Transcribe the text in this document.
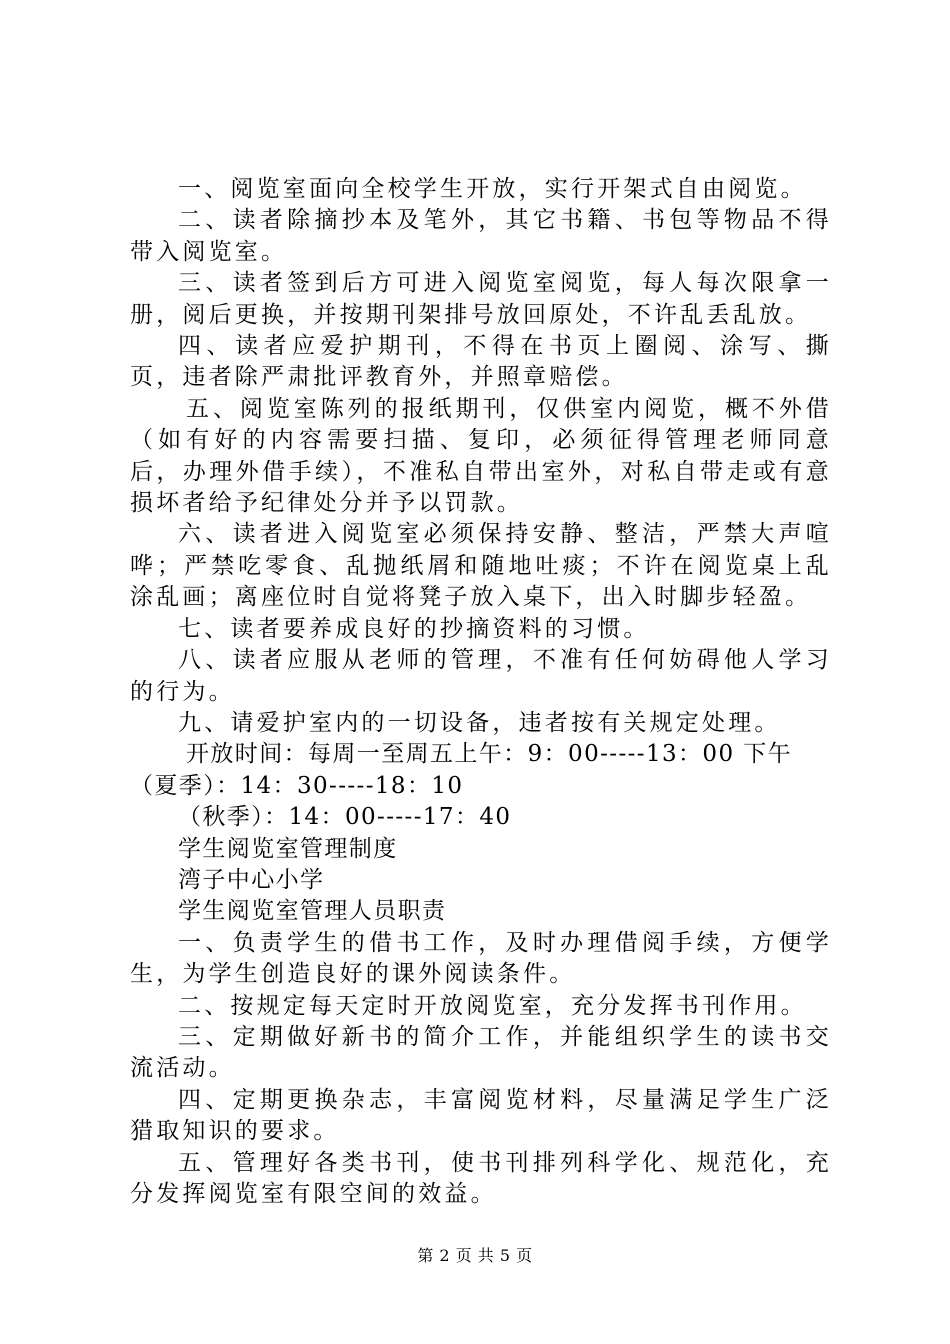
一、阅览室面向全校学生开放，实行开架式自由阅览。

二、读者除摘抄本及笔外，其它书籍、书包等物品不得带入阅览室。

三、读者签到后方可进入阅览室阅览，每人每次限拿一册，阅后更换，并按期刊架排号放回原处，不许乱丢乱放。

四、读者应爱护期刊，不得在书页上圈阅、涂写、撕页，违者除严肃批评教育外，并照章赔偿。

五、阅览室陈列的报纸期刊，仅供室内阅览，概不外借（如有好的内容需要扫描、复印，必须征得管理老师同意后，办理外借手续），不准私自带出室外，对私自带走或有意损坏者给予纪律处分并予以罚款。

六、读者进入阅览室必须保持安静、整洁，严禁大声喧哗；严禁吃零食、乱抛纸屑和随地吐痰；不许在阅览桌上乱涂乱画；离座位时自觉将凳子放入桌下，出入时脚步轻盈。

七、读者要养成良好的抄摘资料的习惯。

八、读者应服从老师的管理，不准有任何妨碍他人学习的行为。

九、请爱护室内的一切设备，违者按有关规定处理。

开放时间：每周一至周五上午：9：00-----13：00 下午

（夏季）：14：30-----18：10

（秋季）：14：00-----17：40

学生阅览室管理制度

湾子中心小学

学生阅览室管理人员职责

一、负责学生的借书工作，及时办理借阅手续，方便学生，为学生创造良好的课外阅读条件。

二、按规定每天定时开放阅览室，充分发挥书刊作用。

三、定期做好新书的简介工作，并能组织学生的读书交流活动。

四、定期更换杂志，丰富阅览材料，尽量满足学生广泛猎取知识的要求。

五、管理好各类书刊，使书刊排列科学化、规范化，充分发挥阅览室有限空间的效益。

第 2 页 共 5 页
